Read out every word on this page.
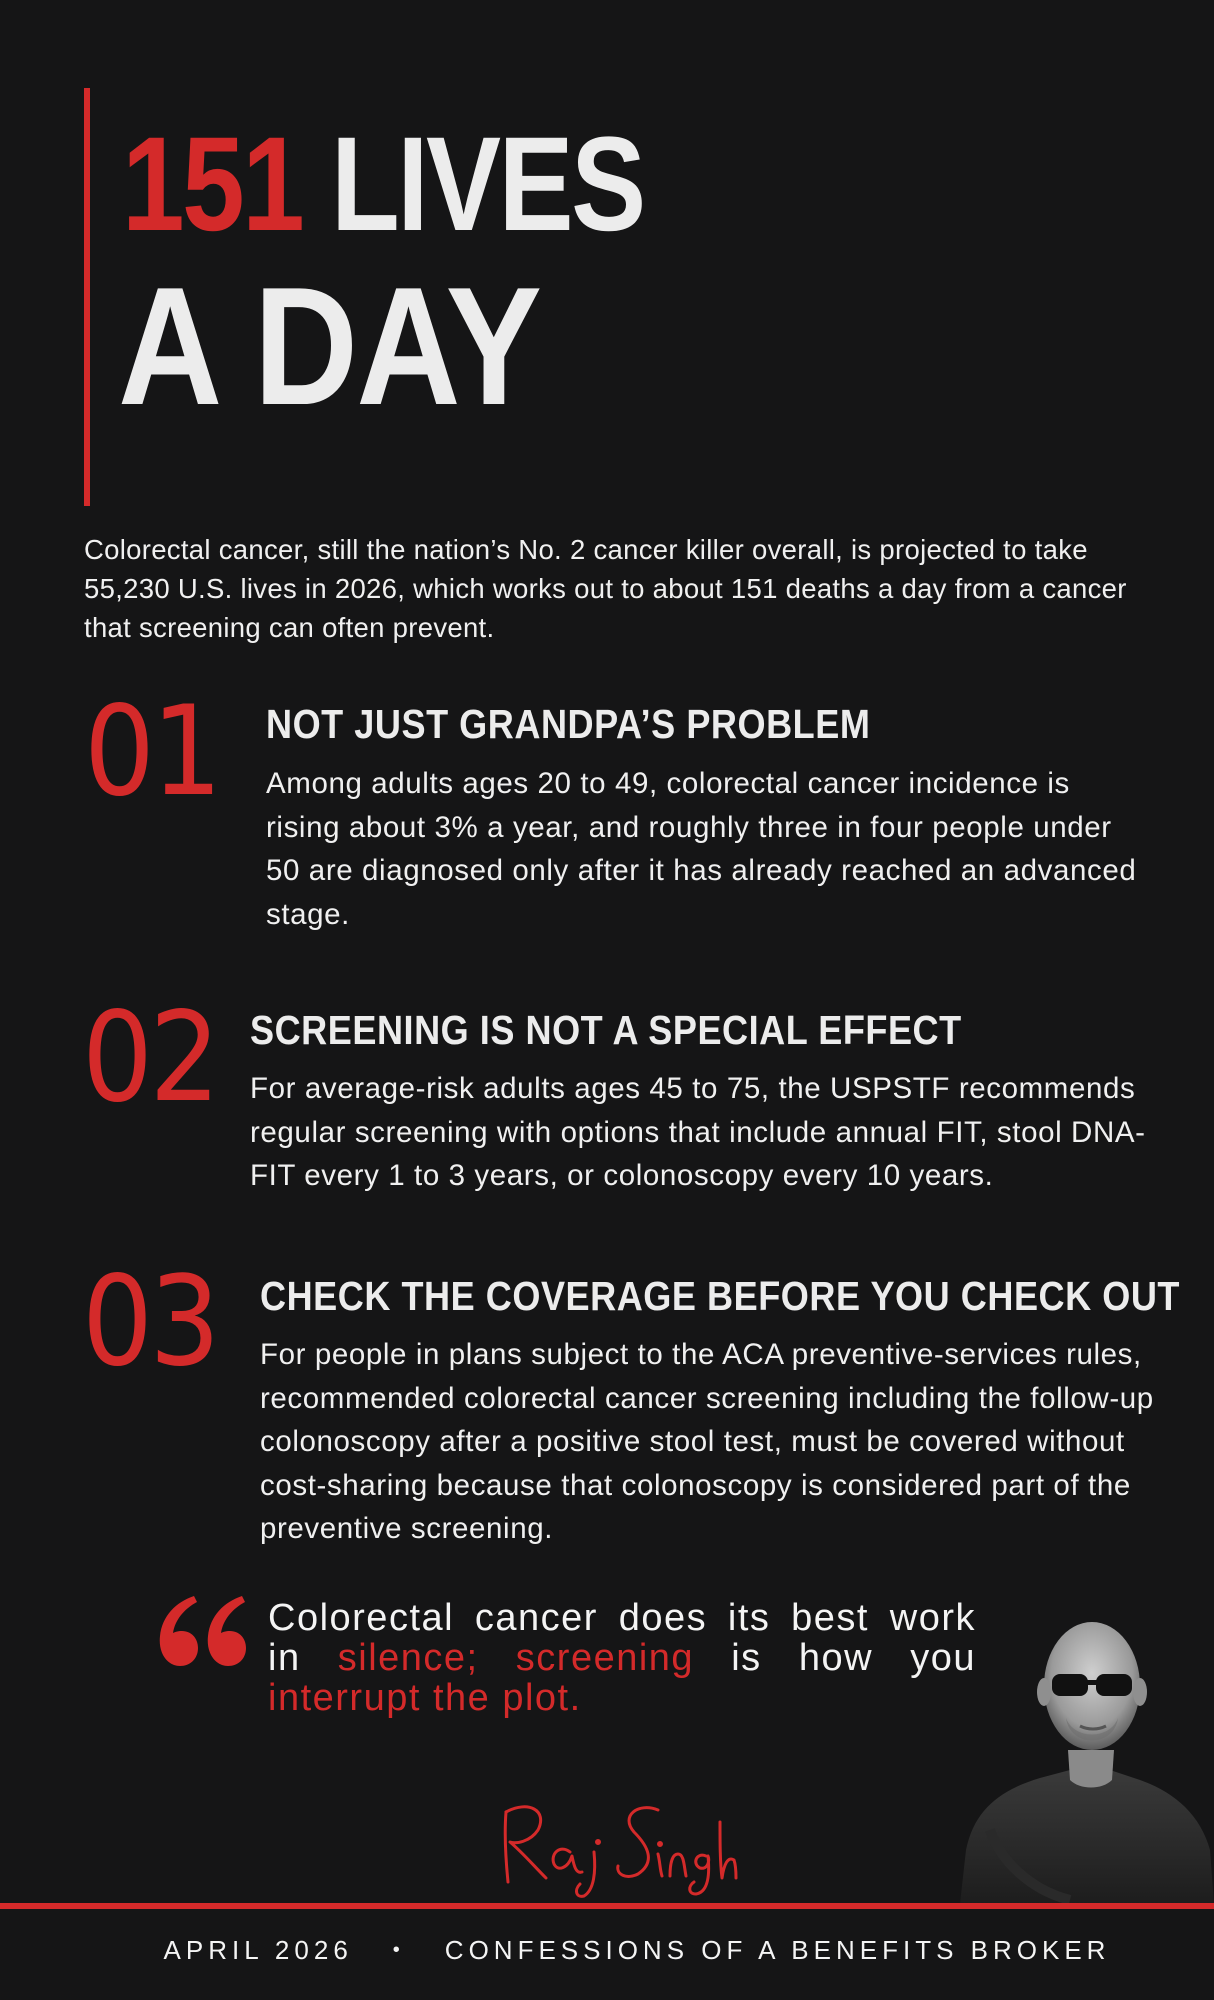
151 LIVES
A DAY
Colorectal cancer, still the nation’s No. 2 cancer killer overall, is projected to take 55,230 U.S. lives in 2026, which works out to about 151 deaths a day from a cancer that screening can often prevent.
01 NOT JUST GRANDPA’S PROBLEM
Among adults ages 20 to 49, colorectal cancer incidence is rising about 3% a year, and roughly three in four people under 50 are diagnosed only after it has already reached an advanced stage.
02 SCREENING IS NOT A SPECIAL EFFECT
For average-risk adults ages 45 to 75, the USPSTF recommends regular screening with options that include annual FIT, stool DNA-FIT every 1 to 3 years, or colonoscopy every 10 years.
03 CHECK THE COVERAGE BEFORE YOU CHECK OUT
For people in plans subject to the ACA preventive-services rules, recommended colorectal cancer screening including the follow-up colonoscopy after a positive stool test, must be covered without cost-sharing because that colonoscopy is considered part of the preventive screening.
Colorectal cancer does its best work in silence; screening is how you interrupt the plot.
APRIL 2026 • CONFESSIONS OF A BENEFITS BROKER
